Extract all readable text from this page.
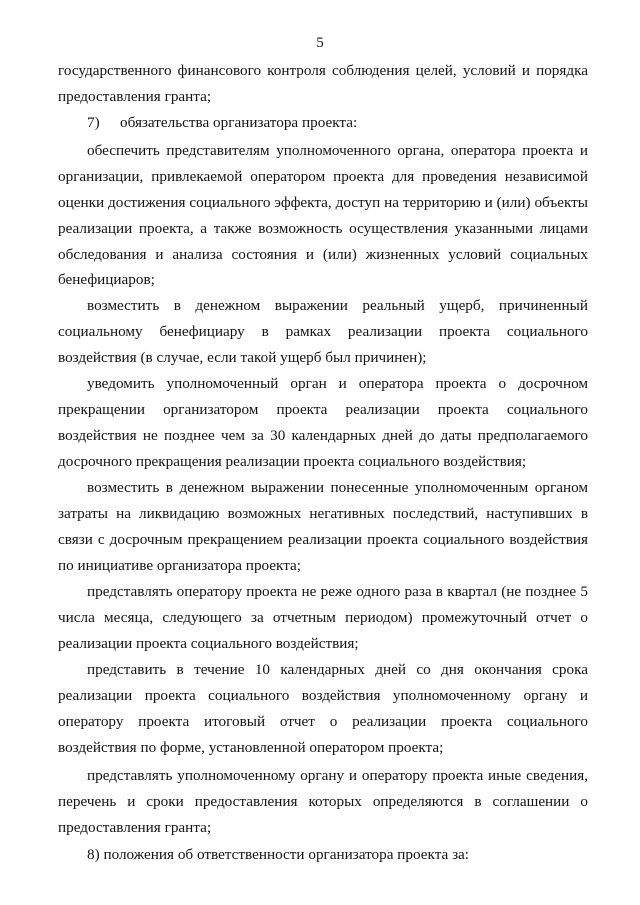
5
государственного финансового контроля соблюдения целей, условий и порядка
предоставления гранта;
7) обязательства организатора проекта:
обеспечить представителям уполномоченного органа, оператора проекта и
организации, привлекаемой оператором проекта для проведения независимой
оценки достижения социального эффекта, доступ на территорию и (или) объекты
реализации проекта, а также возможность осуществления указанными лицами
обследования и анализа состояния и (или) жизненных условий социальных
бенефициаров;
возместить в денежном выражении реальный ущерб, причиненный
социальному бенефициару в рамках реализации проекта социального
воздействия (в случае, если такой ущерб был причинен);
уведомить уполномоченный орган и оператора проекта о досрочном
прекращении организатором проекта реализации проекта социального
воздействия не позднее чем за 30 календарных дней до даты предполагаемого
досрочного прекращения реализации проекта социального воздействия;
возместить в денежном выражении понесенные уполномоченным органом
затраты на ликвидацию возможных негативных последствий, наступивших в
связи с досрочным прекращением реализации проекта социального воздействия
по инициативе организатора проекта;
представлять оператору проекта не реже одного раза в квартал (не позднее 5
числа месяца, следующего за отчетным периодом) промежуточный отчет о
реализации проекта социального воздействия;
представить в течение 10 календарных дней со дня окончания срока
реализации проекта социального воздействия уполномоченному органу и
оператору проекта итоговый отчет о реализации проекта социального
воздействия по форме, установленной оператором проекта;
представлять уполномоченному органу и оператору проекта иные сведения,
перечень и сроки предоставления которых определяются в соглашении о
предоставления гранта;
8) положения об ответственности организатора проекта за:
